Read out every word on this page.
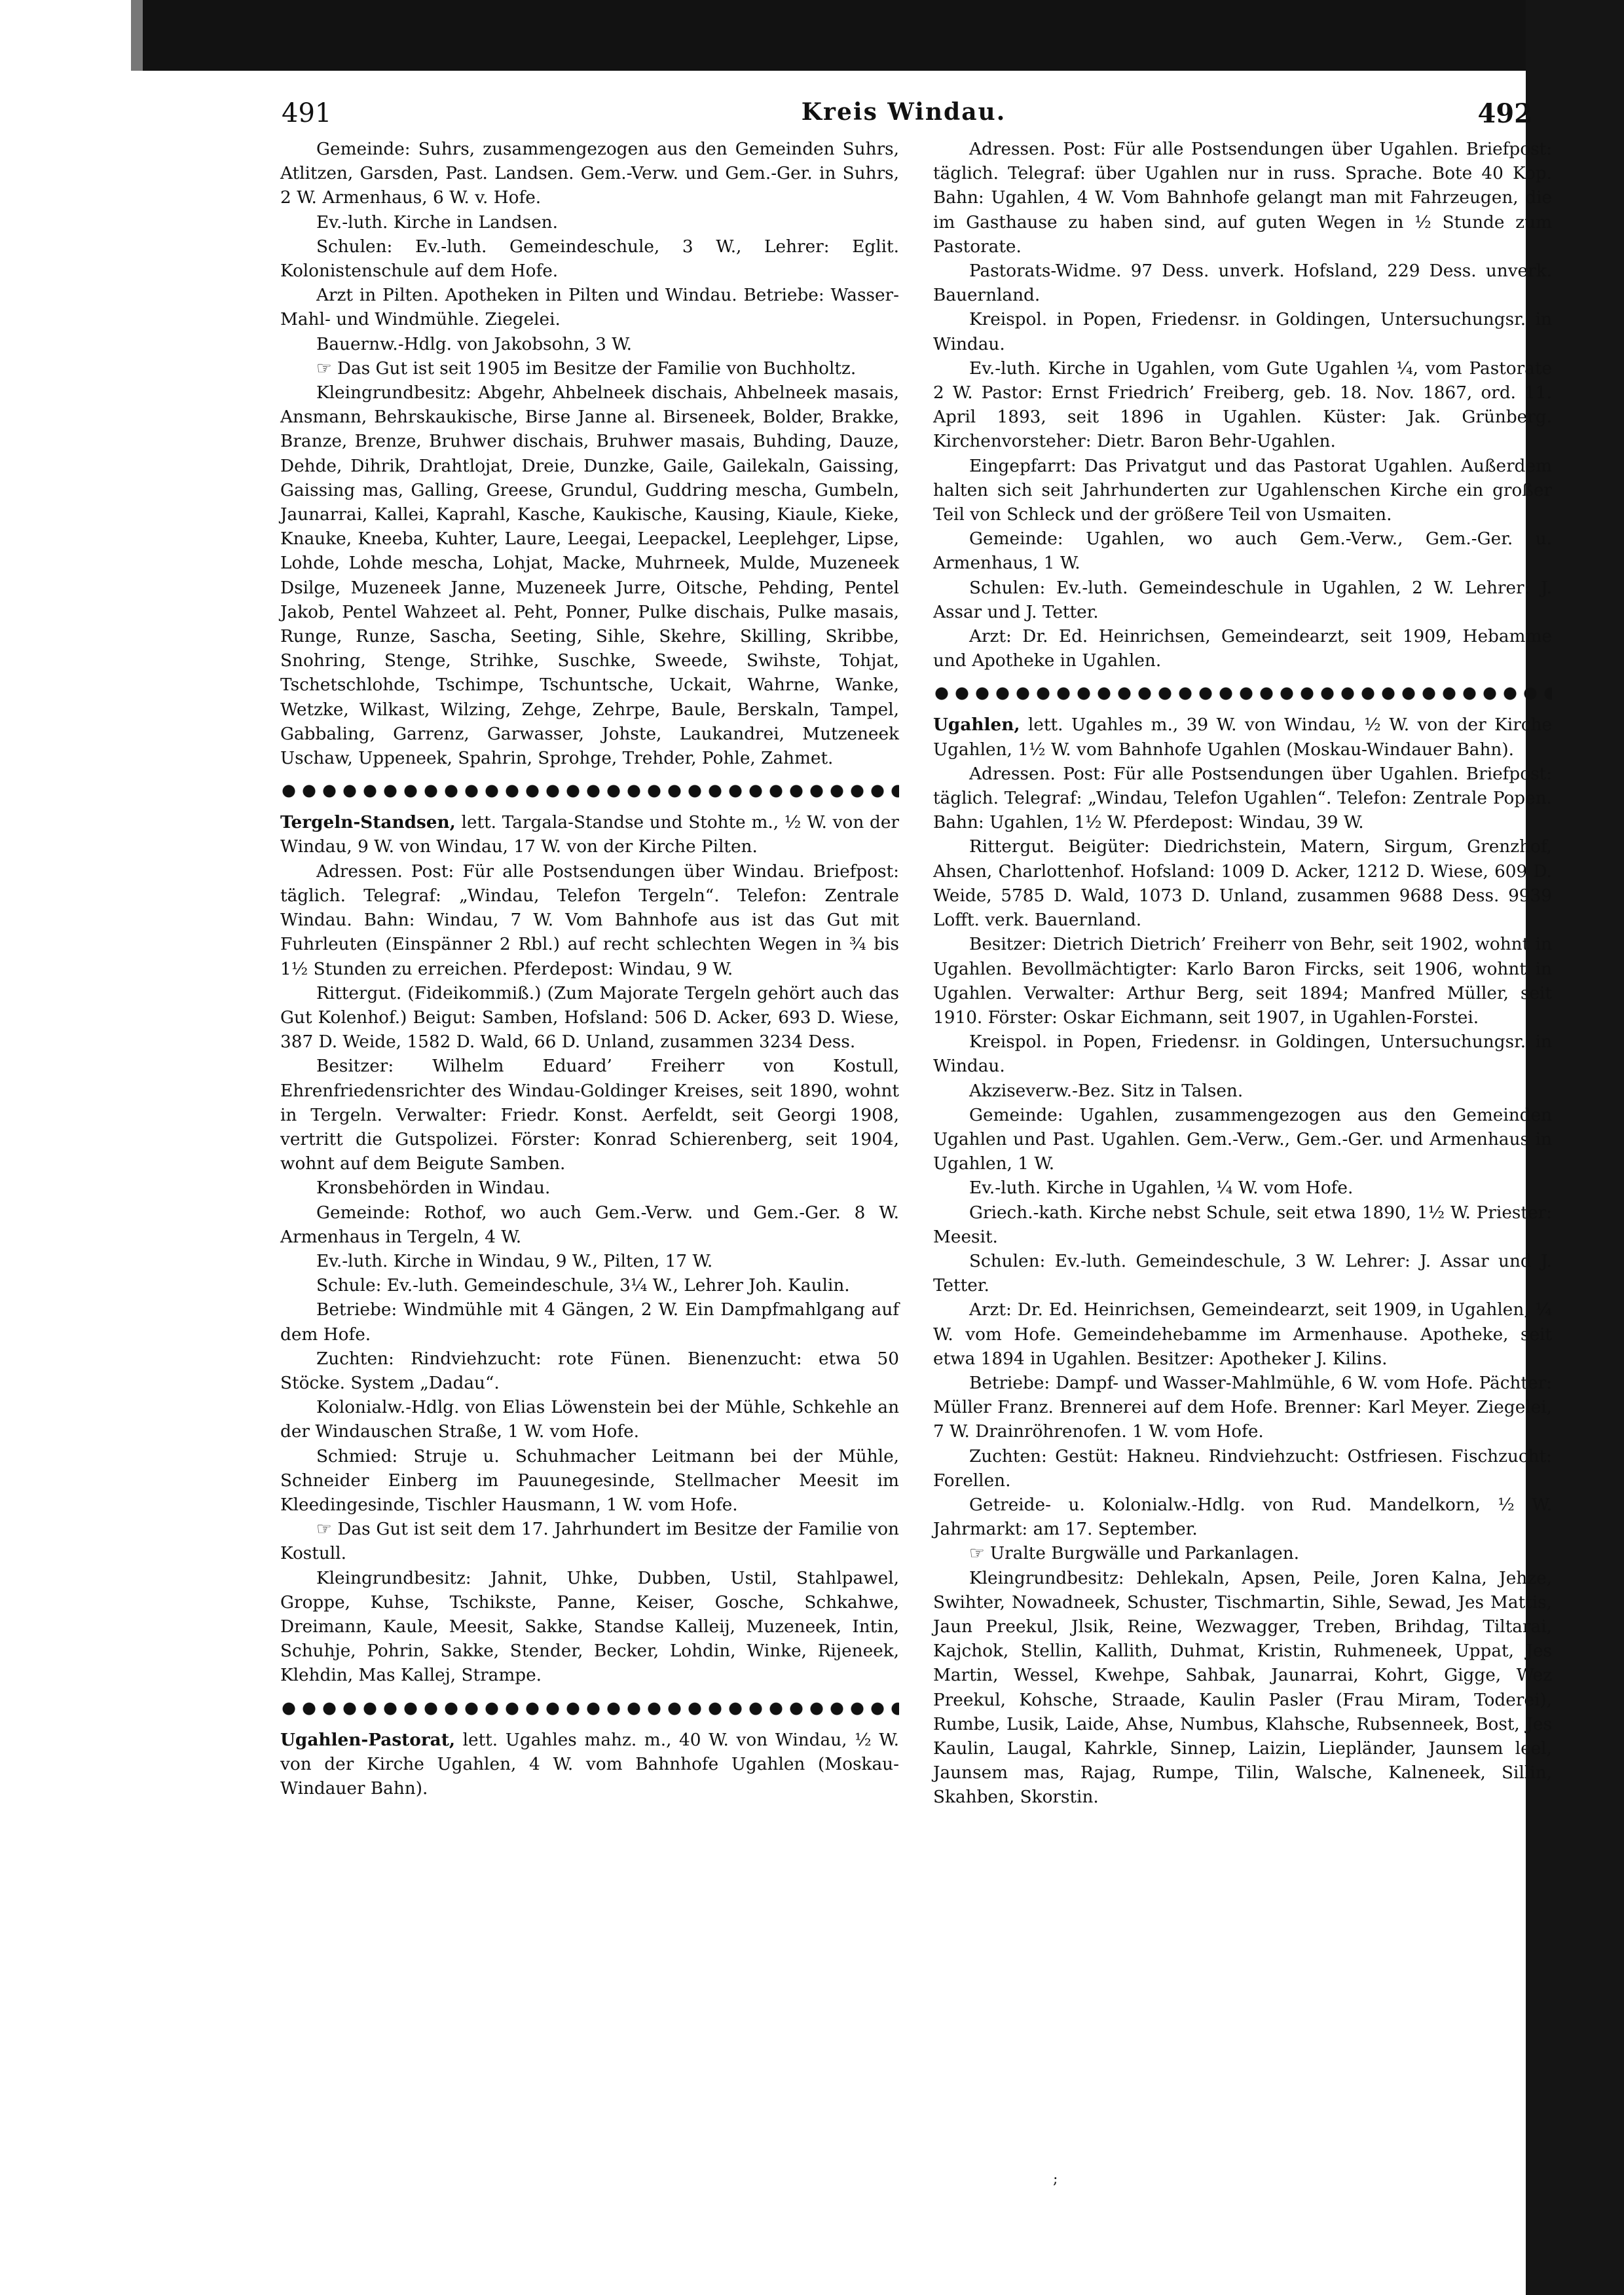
491	Kreis Windau.	492

Gemeinde: Suhrs, zusammengezogen aus den Gemeinden Suhrs, Atlitzen, Garsden, Past. Landsen. Gem.-Verw. und Gem.-Ger. in Suhrs, 2 W. Armenhaus, 6 W. v. Hofe.

Ev.-luth. Kirche in Landsen.

Schulen: Ev.-luth. Gemeindeschule, 3 W., Lehrer: Eglit. Kolonistenschule auf dem Hofe.

Arzt in Pilten. Apotheken in Pilten und Windau. Betriebe: Wasser-Mahl- und Windmühle. Ziegelei.

Bauernw.-Hdlg. von Jakobsohn, 3 W.

☞ Das Gut ist seit 1905 im Besitze der Familie von Buchholtz.

Kleingrundbesitz: Abgehr, Ahbelneek dischais, Ahbelneek masais, Ansmann, Behrskaukische, Birse Janne al. Birseneek, Bolder, Brakke, Branze, Brenze, Bruhwer dischais, Bruhwer masais, Buhding, Dauze, Dehde, Dihrik, Drahtlojat, Dreie, Dunzke, Gaile, Gailekaln, Gaissing, Gaissing mas, Galling, Greese, Grundul, Guddring mescha, Gumbeln, Jaunarrai, Kallei, Kaprahl, Kasche, Kaukische, Kausing, Kiaule, Kieke, Knauke, Kneeba, Kuhter, Laure, Leegai, Leepackel, Leeplehger, Lipse, Lohde, Lohde mescha, Lohjat, Macke, Muhrneek, Mulde, Muzeneek Dsilge, Muzeneek Janne, Muzeneek Jurre, Oitsche, Pehding, Pentel Jakob, Pentel Wahzeet al. Peht, Ponner, Pulke dischais, Pulke masais, Runge, Runze, Sascha, Seeting, Sihle, Skehre, Skilling, Skribbe, Snohring, Stenge, Strihke, Suschke, Sweede, Swihste, Tohjat, Tschetschlohde, Tschimpe, Tschuntsche, Uckait, Wahrne, Wanke, Wetzke, Wilkast, Wilzing, Zehge, Zehrpe, Baule, Berskaln, Tampel, Gabbaling, Garrenz, Garwasser, Johste, Laukandrei, Mutzeneek Uschaw, Uppeneek, Spahrin, Sprohge, Trehder, Pohle, Zahmet.

Tergeln-Standsen, lett. Targala-Standse und Stohte m., ½ W. von der Windau, 9 W. von Windau, 17 W. von der Kirche Pilten.

Adressen. Post: Für alle Postsendungen über Windau. Briefpost: täglich. Telegraf: „Windau, Telefon Tergeln“. Telefon: Zentrale Windau. Bahn: Windau, 7 W. Vom Bahnhofe aus ist das Gut mit Fuhrleuten (Einspänner 2 Rbl.) auf recht schlechten Wegen in ¾ bis 1½ Stunden zu erreichen. Pferdepost: Windau, 9 W.

Rittergut. (Fideikommiß.) (Zum Majorate Tergeln gehört auch das Gut Kolenhof.) Beigut: Samben, Hofsland: 506 D. Acker, 693 D. Wiese, 387 D. Weide, 1582 D. Wald, 66 D. Unland, zusammen 3234 Dess.

Besitzer: Wilhelm Eduard’ Freiherr von Kostull, Ehrenfriedensrichter des Windau-Goldinger Kreises, seit 1890, wohnt in Tergeln. Verwalter: Friedr. Konst. Aerfeldt, seit Georgi 1908, vertritt die Gutspolizei. Förster: Konrad Schierenberg, seit 1904, wohnt auf dem Beigute Samben.

Kronsbehörden in Windau.

Gemeinde: Rothof, wo auch Gem.-Verw. und Gem.-Ger. 8 W. Armenhaus in Tergeln, 4 W.

Ev.-luth. Kirche in Windau, 9 W., Pilten, 17 W.

Schule: Ev.-luth. Gemeindeschule, 3¼ W., Lehrer Joh. Kaulin.

Betriebe: Windmühle mit 4 Gängen, 2 W. Ein Dampfmahlgang auf dem Hofe.

Zuchten: Rindviehzucht: rote Fünen. Bienenzucht: etwa 50 Stöcke. System „Dadau“.

Kolonialw.-Hdlg. von Elias Löwenstein bei der Mühle, Schkehle an der Windauschen Straße, 1 W. vom Hofe.

Schmied: Struje u. Schuhmacher Leitmann bei der Mühle, Schneider Einberg im Pauunegesinde, Stellmacher Meesit im Kleedingesinde, Tischler Hausmann, 1 W. vom Hofe.

☞ Das Gut ist seit dem 17. Jahrhundert im Besitze der Familie von Kostull.

Kleingrundbesitz: Jahnit, Uhke, Dubben, Ustil, Stahlpawel, Groppe, Kuhse, Tschikste, Panne, Keiser, Gosche, Schkahwe, Dreimann, Kaule, Meesit, Sakke, Standse Kalleij, Muzeneek, Intin, Schuhje, Pohrin, Sakke, Stender, Becker, Lohdin, Winke, Rijeneek, Klehdin, Mas Kallej, Strampe.

Ugahlen-Pastorat, lett. Ugahles mahz. m., 40 W. von Windau, ½ W. von der Kirche Ugahlen, 4 W. vom Bahnhofe Ugahlen (Moskau-Windauer Bahn).

Adressen. Post: Für alle Postsendungen über Ugahlen. Briefpost: täglich. Telegraf: über Ugahlen nur in russ. Sprache. Bote 40 Kop. Bahn: Ugahlen, 4 W. Vom Bahnhofe gelangt man mit Fahrzeugen, die im Gasthause zu haben sind, auf guten Wegen in ½ Stunde zum Pastorate.

Pastorats-Widme. 97 Dess. unverk. Hofsland, 229 Dess. unverk. Bauernland.

Kreispol. in Popen, Friedensr. in Goldingen, Untersuchungsr. in Windau.

Ev.-luth. Kirche in Ugahlen, vom Gute Ugahlen ¼, vom Pastorate 2 W. Pastor: Ernst Friedrich’ Freiberg, geb. 18. Nov. 1867, ord. 11. April 1893, seit 1896 in Ugahlen. Küster: Jak. Grünberg. Kirchenvorsteher: Dietr. Baron Behr-Ugahlen.

Eingepfarrt: Das Privatgut und das Pastorat Ugahlen. Außerdem halten sich seit Jahrhunderten zur Ugahlenschen Kirche ein großer Teil von Schleck und der größere Teil von Usmaiten.

Gemeinde: Ugahlen, wo auch Gem.-Verw., Gem.-Ger. u. Armenhaus, 1 W.

Schulen: Ev.-luth. Gemeindeschule in Ugahlen, 2 W. Lehrer: J. Assar und J. Tetter.

Arzt: Dr. Ed. Heinrichsen, Gemeindearzt, seit 1909, Hebamme und Apotheke in Ugahlen.

Ugahlen, lett. Ugahles m., 39 W. von Windau, ½ W. von der Kirche Ugahlen, 1½ W. vom Bahnhofe Ugahlen (Moskau-Windauer Bahn).

Adressen. Post: Für alle Postsendungen über Ugahlen. Briefpost: täglich. Telegraf: „Windau, Telefon Ugahlen“. Telefon: Zentrale Popen. Bahn: Ugahlen, 1½ W. Pferdepost: Windau, 39 W.

Rittergut. Beigüter: Diedrichstein, Matern, Sirgum, Grenzhof, Ahsen, Charlottenhof. Hofsland: 1009 D. Acker, 1212 D. Wiese, 609 D. Weide, 5785 D. Wald, 1073 D. Unland, zusammen 9688 Dess. 9939 Lofft. verk. Bauernland.

Besitzer: Dietrich Dietrich’ Freiherr von Behr, seit 1902, wohnt in Ugahlen. Bevollmächtigter: Karlo Baron Fircks, seit 1906, wohnt in Ugahlen. Verwalter: Arthur Berg, seit 1894; Manfred Müller, seit 1910. Förster: Oskar Eichmann, seit 1907, in Ugahlen-Forstei.

Kreispol. in Popen, Friedensr. in Goldingen, Untersuchungsr. in Windau.

Akziseverw.-Bez. Sitz in Talsen.

Gemeinde: Ugahlen, zusammengezogen aus den Gemeinden Ugahlen und Past. Ugahlen. Gem.-Verw., Gem.-Ger. und Armenhaus in Ugahlen, 1 W.

Ev.-luth. Kirche in Ugahlen, ¼ W. vom Hofe.

Griech.-kath. Kirche nebst Schule, seit etwa 1890, 1½ W. Priester: Meesit.

Schulen: Ev.-luth. Gemeindeschule, 3 W. Lehrer: J. Assar und J. Tetter.

Arzt: Dr. Ed. Heinrichsen, Gemeindearzt, seit 1909, in Ugahlen, ¼ W. vom Hofe. Gemeindehebamme im Armenhause. Apotheke, seit etwa 1894 in Ugahlen. Besitzer: Apotheker J. Kilins.

Betriebe: Dampf- und Wasser-Mahlmühle, 6 W. vom Hofe. Pächter: Müller Franz. Brennerei auf dem Hofe. Brenner: Karl Meyer. Ziegelei, 7 W. Drainröhrenofen. 1 W. vom Hofe.

Zuchten: Gestüt: Hakneu. Rindviehzucht: Ostfriesen. Fischzucht: Forellen.

Getreide- u. Kolonialw.-Hdlg. von Rud. Mandelkorn, ½ W. Jahrmarkt: am 17. September.

☞ Uralte Burgwälle und Parkanlagen.

Kleingrundbesitz: Dehlekaln, Apsen, Peile, Joren Kalna, Jehze, Swihter, Nowadneek, Schuster, Tischmartin, Sihle, Sewad, Jes Mattis, Jaun Preekul, Jlsik, Reine, Wezwagger, Treben, Brihdag, Tiltarai, Kajchok, Stellin, Kallith, Duhmat, Kristin, Ruhmeneek, Uppat, Jes Martin, Wessel, Kwehpe, Sahbak, Jaunarrai, Kohrt, Gigge, Wez Preekul, Kohsche, Straade, Kaulin Pasler (Frau Miram, Toderei), Rumbe, Lusik, Laide, Ahse, Numbus, Klahsche, Rubsenneek, Bost, Jes Kaulin, Laugal, Kahrkle, Sinnep, Laizin, Liepländer, Jaunsem leel, Jaunsem mas, Rajag, Rumpe, Tilin, Walsche, Kalneneek, Sillin, Skahben, Skorstin.

;
